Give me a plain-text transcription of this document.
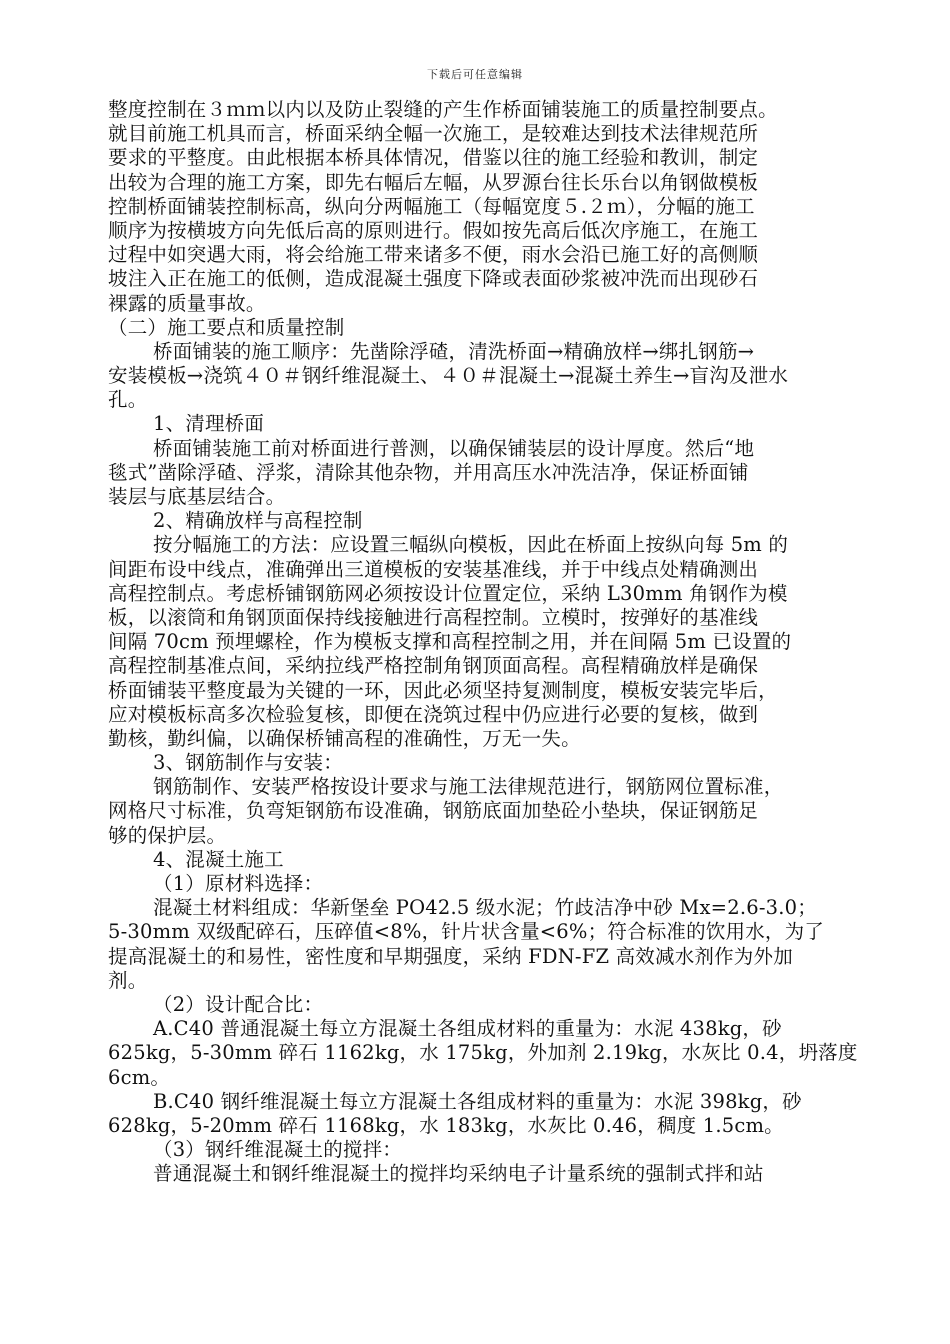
下载后可任意编辑
整度控制在３ｍｍ以内以及防止裂缝的产生作桥面铺装施工的质量控制要点。
就目前施工机具而言，桥面采纳全幅一次施工，是较难达到技术法律规范所
要求的平整度。由此根据本桥具体情况，借鉴以往的施工经验和教训，制定
出较为合理的施工方案，即先右幅后左幅，从罗源台往长乐台以角钢做模板
控制桥面铺装控制标高，纵向分两幅施工（每幅宽度５.２ｍ），分幅的施工
顺序为按横坡方向先低后高的原则进行。假如按先高后低次序施工，在施工
过程中如突遇大雨，将会给施工带来诸多不便，雨水会沿已施工好的高侧顺
坡注入正在施工的低侧，造成混凝土强度下降或表面砂浆被冲洗而出现砂石
裸露的质量事故。
（二）施工要点和质量控制
桥面铺装的施工顺序：先凿除浮碴，清洗桥面→精确放样→绑扎钢筋→
安装模板→浇筑４０＃钢纤维混凝土、４０＃混凝土→混凝土养生→盲沟及泄水
孔。
1、清理桥面
桥面铺装施工前对桥面进行普测，以确保铺装层的设计厚度。然后“地
毯式”凿除浮碴、浮浆，清除其他杂物，并用高压水冲洗洁净，保证桥面铺
装层与底基层结合。
2、精确放样与高程控制
按分幅施工的方法：应设置三幅纵向模板，因此在桥面上按纵向每 5m 的
间距布设中线点，准确弹出三道模板的安装基准线，并于中线点处精确测出
高程控制点。考虑桥铺钢筋网必须按设计位置定位，采纳 L30mm 角钢作为模
板，以滚筒和角钢顶面保持线接触进行高程控制。立模时，按弹好的基准线
间隔 70cm 预埋螺栓，作为模板支撑和高程控制之用，并在间隔 5m 已设置的
高程控制基准点间，采纳拉线严格控制角钢顶面高程。高程精确放样是确保
桥面铺装平整度最为关键的一环，因此必须坚持复测制度，模板安装完毕后，
应对模板标高多次检验复核，即便在浇筑过程中仍应进行必要的复核，做到
勤核，勤纠偏，以确保桥铺高程的准确性，万无一失。
3、钢筋制作与安装：
钢筋制作、安装严格按设计要求与施工法律规范进行，钢筋网位置标准，
网格尺寸标准，负弯矩钢筋布设准确，钢筋底面加垫砼小垫块，保证钢筋足
够的保护层。
4、混凝土施工
（1）原材料选择：
混凝土材料组成：华新堡垒 PO42.5 级水泥；竹歧洁净中砂 Mx=2.6-3.0；
5-30mm 双级配碎石，压碎值<8%，针片状含量<6%；符合标准的饮用水，为了
提高混凝土的和易性，密性度和早期强度，采纳 FDN-FZ 高效减水剂作为外加
剂。
（2）设计配合比：
A.C40 普通混凝土每立方混凝土各组成材料的重量为：水泥 438kg，砂
625kg，5-30mm 碎石 1162kg，水 175kg，外加剂 2.19kg，水灰比 0.4，坍落度
6cm。
B.C40 钢纤维混凝土每立方混凝土各组成材料的重量为：水泥 398kg，砂
628kg，5-20mm 碎石 1168kg，水 183kg，水灰比 0.46，稠度 1.5cm。
（3）钢纤维混凝土的搅拌：
普通混凝土和钢纤维混凝土的搅拌均采纳电子计量系统的强制式拌和站
